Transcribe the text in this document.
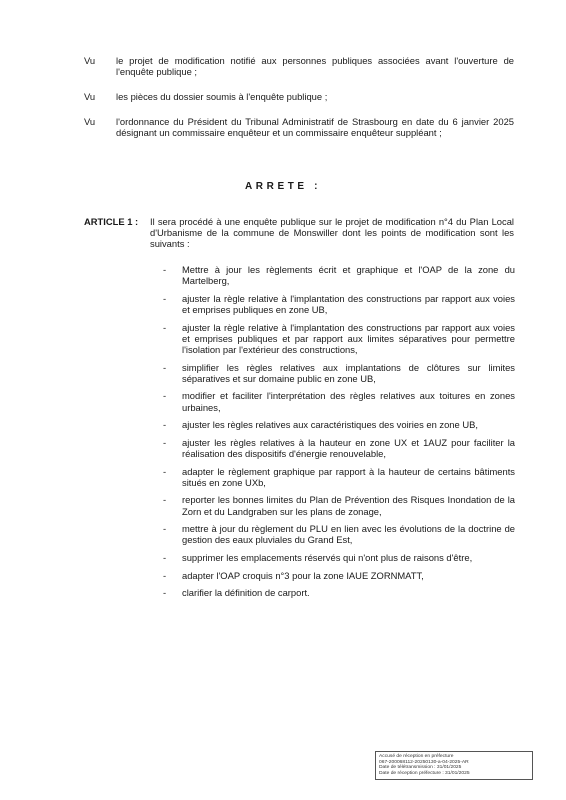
Vu	le projet de modification notifié aux personnes publiques associées avant l'ouverture de l'enquête publique ;
Vu	les pièces du dossier soumis à l'enquête publique ;
Vu	l'ordonnance du Président du Tribunal Administratif de Strasbourg en date du 6 janvier 2025 désignant un commissaire enquêteur et un commissaire enquêteur suppléant ;
ARRETE :
ARTICLE 1 : Il sera procédé à une enquête publique sur le projet de modification n°4 du Plan Local d'Urbanisme de la commune de Monswiller dont les points de modification sont les suivants :
-	Mettre à jour les règlements écrit et graphique et l'OAP de la zone du Martelberg,
-	ajuster la règle relative à l'implantation des constructions par rapport aux voies et emprises publiques en zone UB,
-	ajuster la règle relative à l'implantation des constructions par rapport aux voies et emprises publiques et par rapport aux limites séparatives pour permettre l'isolation par l'extérieur des constructions,
-	simplifier les règles relatives aux implantations de clôtures sur limites séparatives et sur domaine public en zone UB,
-	modifier et faciliter l'interprétation des règles relatives aux toitures en zones urbaines,
-	ajuster les règles relatives aux caractéristiques des voiries en zone UB,
-	ajuster les règles relatives à la hauteur en zone UX et 1AUZ pour faciliter la réalisation des dispositifs d'énergie renouvelable,
-	adapter le règlement graphique par rapport à la hauteur de certains bâtiments situés en zone UXb,
-	reporter les bonnes limites du Plan de Prévention des Risques Inondation de la Zorn et du Landgraben sur les plans de zonage,
-	mettre à jour du règlement du PLU en lien avec les évolutions de la doctrine de gestion des eaux pluviales du Grand Est,
-	supprimer les emplacements réservés qui n'ont plus de raisons d'être,
-	adapter l'OAP croquis n°3 pour la zone IAUE ZORNMATT,
-	clarifier la définition de carport.
Accusé de réception en préfecture
067-200068112-20250130-a-04-2025-AR
Date de télétransmission : 31/01/2025
Date de réception préfecture : 31/01/2025
